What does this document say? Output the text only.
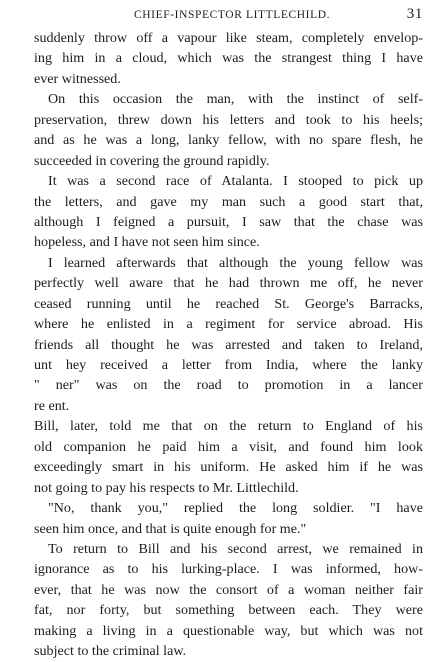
CHIEF-INSPECTOR LITTLECHILD.	31
suddenly throw off a vapour like steam, completely envelop-
ing him in a cloud, which was the strangest thing I have
ever witnessed.
On this occasion the man, with the instinct of self-
preservation, threw down his letters and took to his heels;
and as he was a long, lanky fellow, with no spare flesh, he
succeeded in covering the ground rapidly.
It was a second race of Atalanta. I stooped to pick up
the letters, and gave my man such a good start that,
although I feigned a pursuit, I saw that the chase was
hopeless, and I have not seen him since.
I learned afterwards that although the young fellow was
perfectly well aware that he had thrown me off, he never
ceased running until he reached St. George's Barracks,
where he enlisted in a regiment for service abroad. His
friends all thought he was arrested and taken to Ireland,
unt hey received a letter from India, where the lanky
" ner" was on the road to promotion in a lancer
re ent.
Bill, later, told me that on the return to England of his
old companion he paid him a visit, and found him look
exceedingly smart in his uniform. He asked him if he was
not going to pay his respects to Mr. Littlechild.
"No, thank you," replied the long soldier. "I have
seen him once, and that is quite enough for me."
To return to Bill and his second arrest, we remained in
ignorance as to his lurking-place. I was informed, how-
ever, that he was now the consort of a woman neither fair
fat, nor forty, but something between each. They were
making a living in a questionable way, but which was not
subject to the criminal law.
